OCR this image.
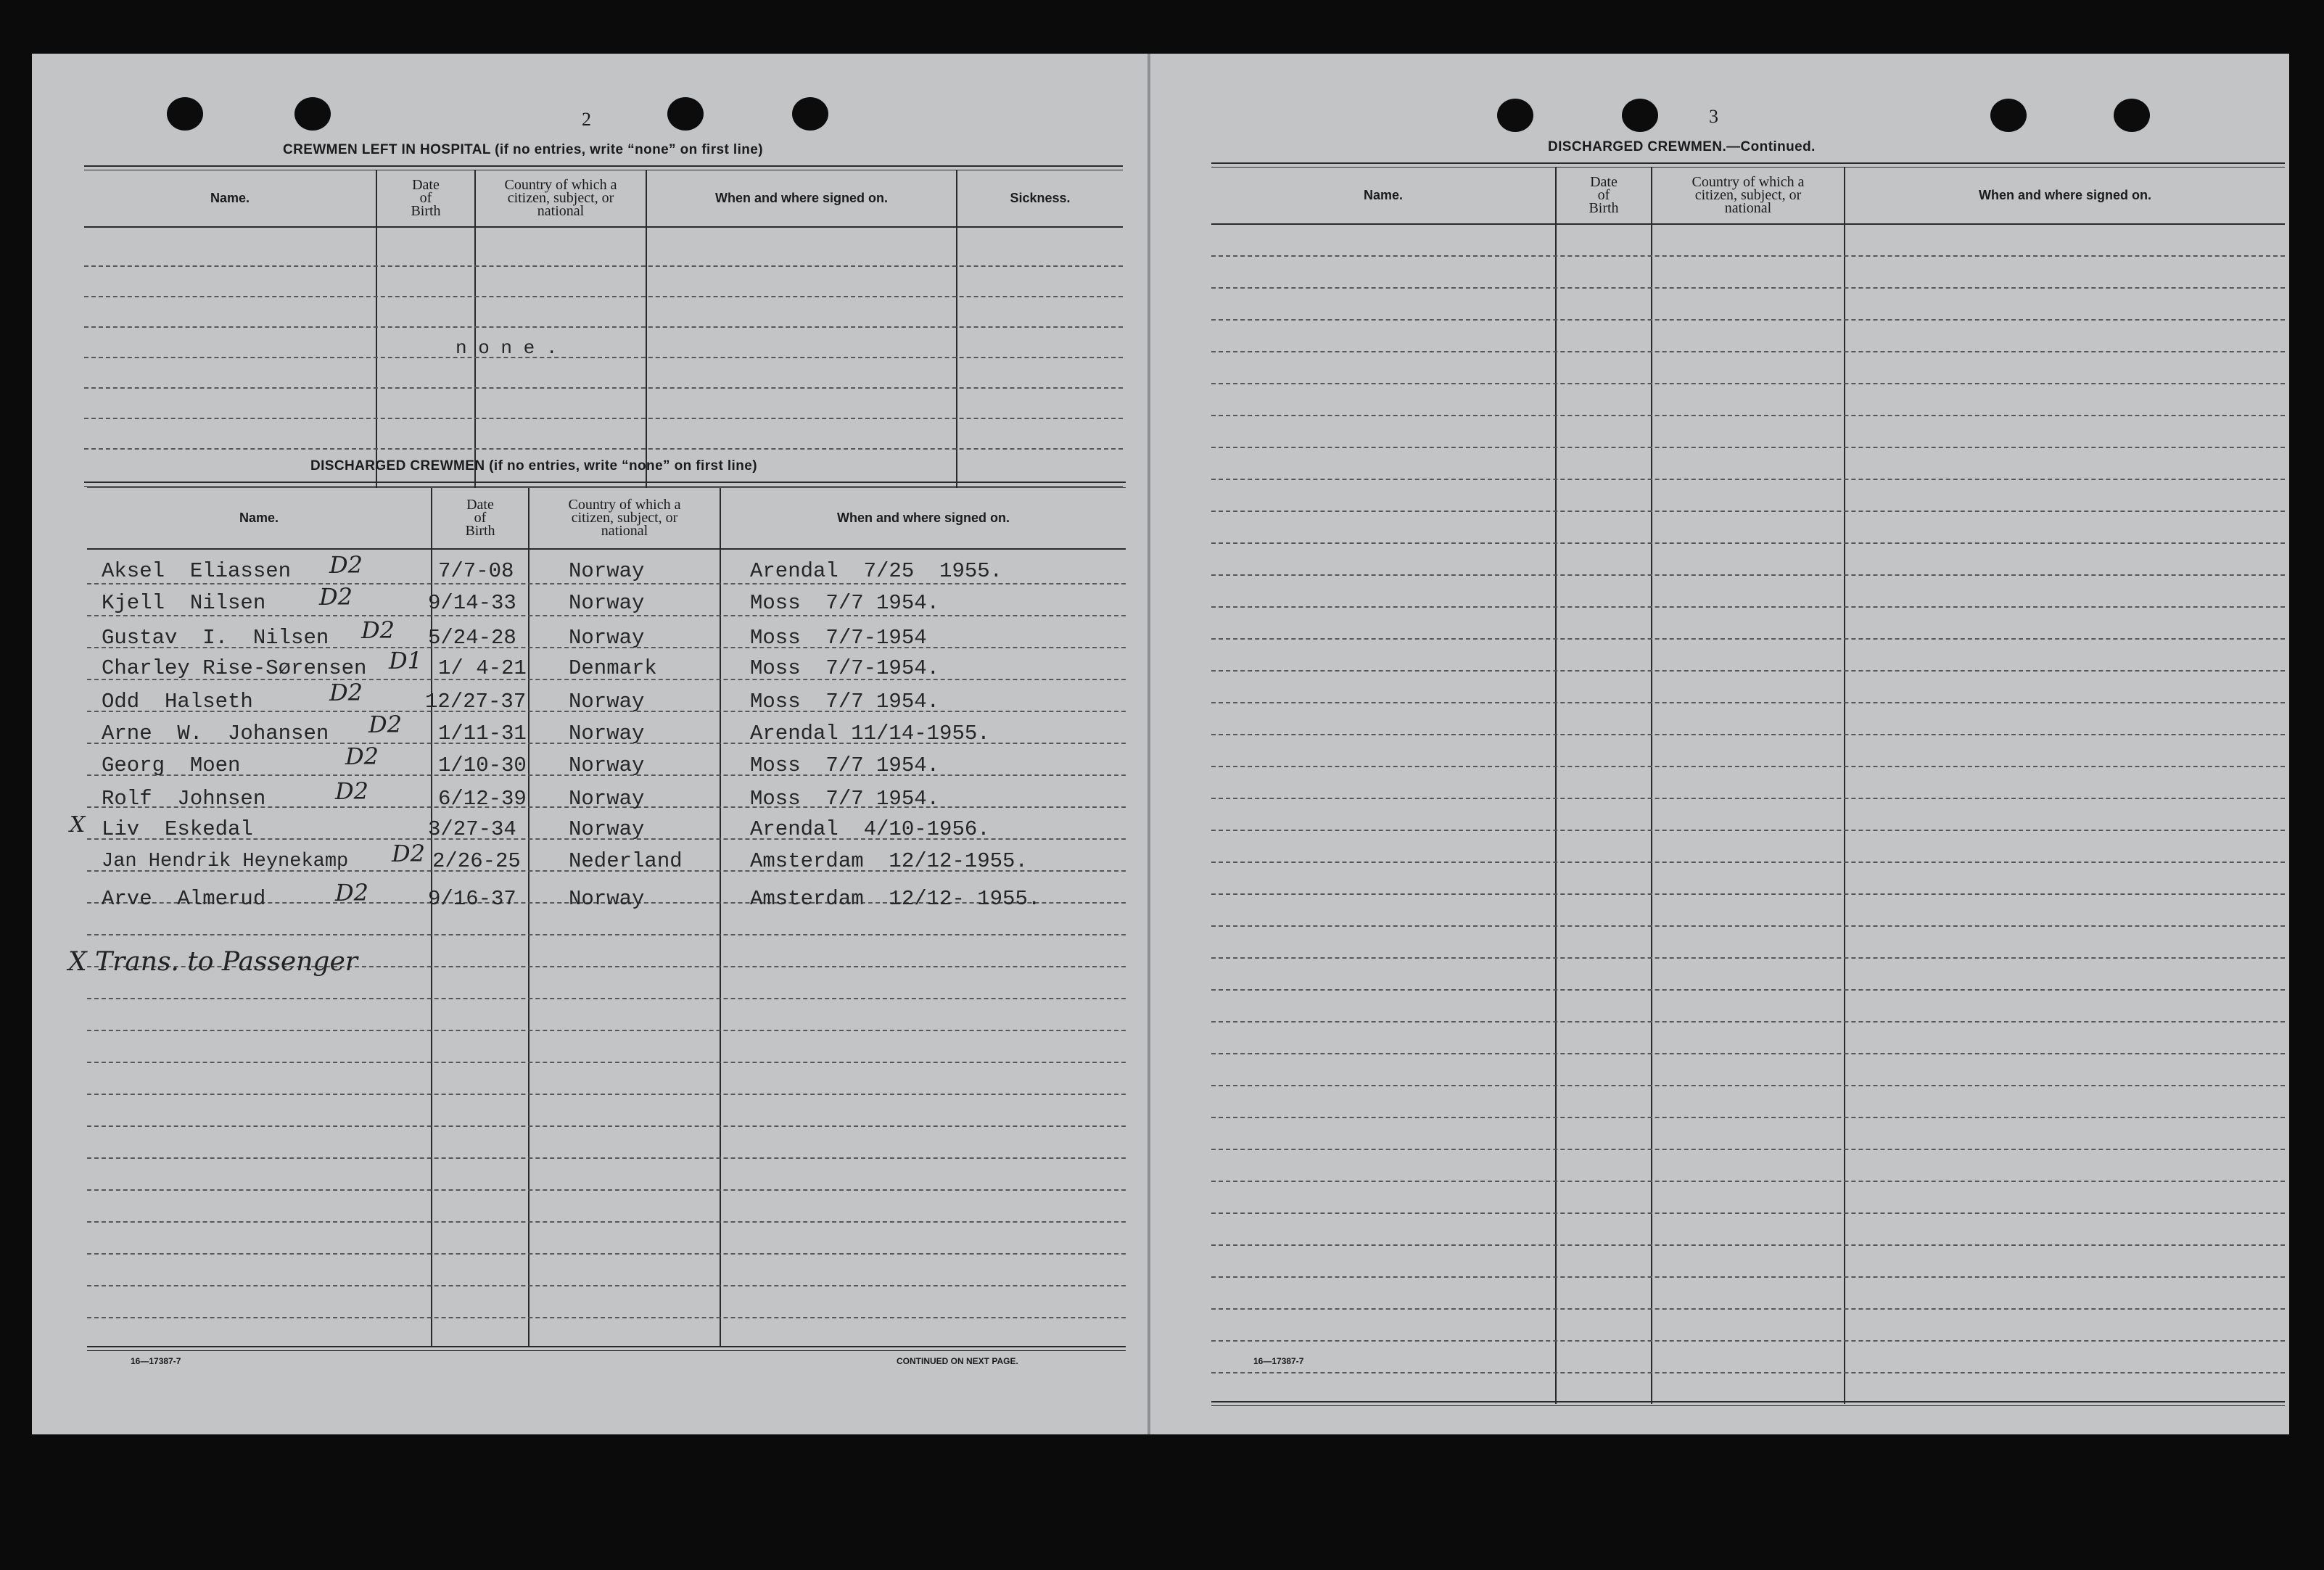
2
CREWMEN LEFT IN HOSPITAL (if no entries, write “none” on first line)
Name.
Date
of
Birth
Country of which a
citizen, subject, or
national
When and where signed on.	Sickness.
n o n e .
DISCHARGED CREWMEN (if no entries, write “none” on first line)
Name.
Date
of
Birth
Country of which a
citizen, subject, or
national
When and where signed on.
Aksel  Eliassen D2	7/7-08	Norway	Arendal  7/25  1955.
Kjell  Nilsen D2	9/14-33 Norway	Moss  7/7 1954.
Gustav  I.  Nilsen D2 5/24-28 Norway	Moss  7/7-1954
Charley Rise-Sørensen D1 1/ 4-21 Denmark	Moss  7/7-1954.
Odd  Halseth	D2	12/27-37 Norway	Moss  7/7 1954.
Arne  W.  Johansen D2 1/11-31 Norway	Arendal 11/14-1955.
Georg  Moen	D2	1/10-30 Norway	Moss  7/7 1954.
Rolf  Johnsen	D2	6/12-39 Norway	Moss  7/7 1954.
X Liv  Eskedal	3/27-34 Norway	Arendal  4/10-1956.
Jan Hendrik Heynekamp D2 2/26-25 Nederland	Amsterdam  12/12-1955.
Arve  Almerud	D2	9/16-37 Norway	Amsterdam  12/12- 1955.
X Trans. to Passenger
16—17387-7	CONTINUED ON NEXT PAGE.
3
DISCHARGED CREWMEN.—Continued.
Name.
Date
of
Birth
Country of which a
citizen, subject, or
national
When and where signed on.
16—17387-7
